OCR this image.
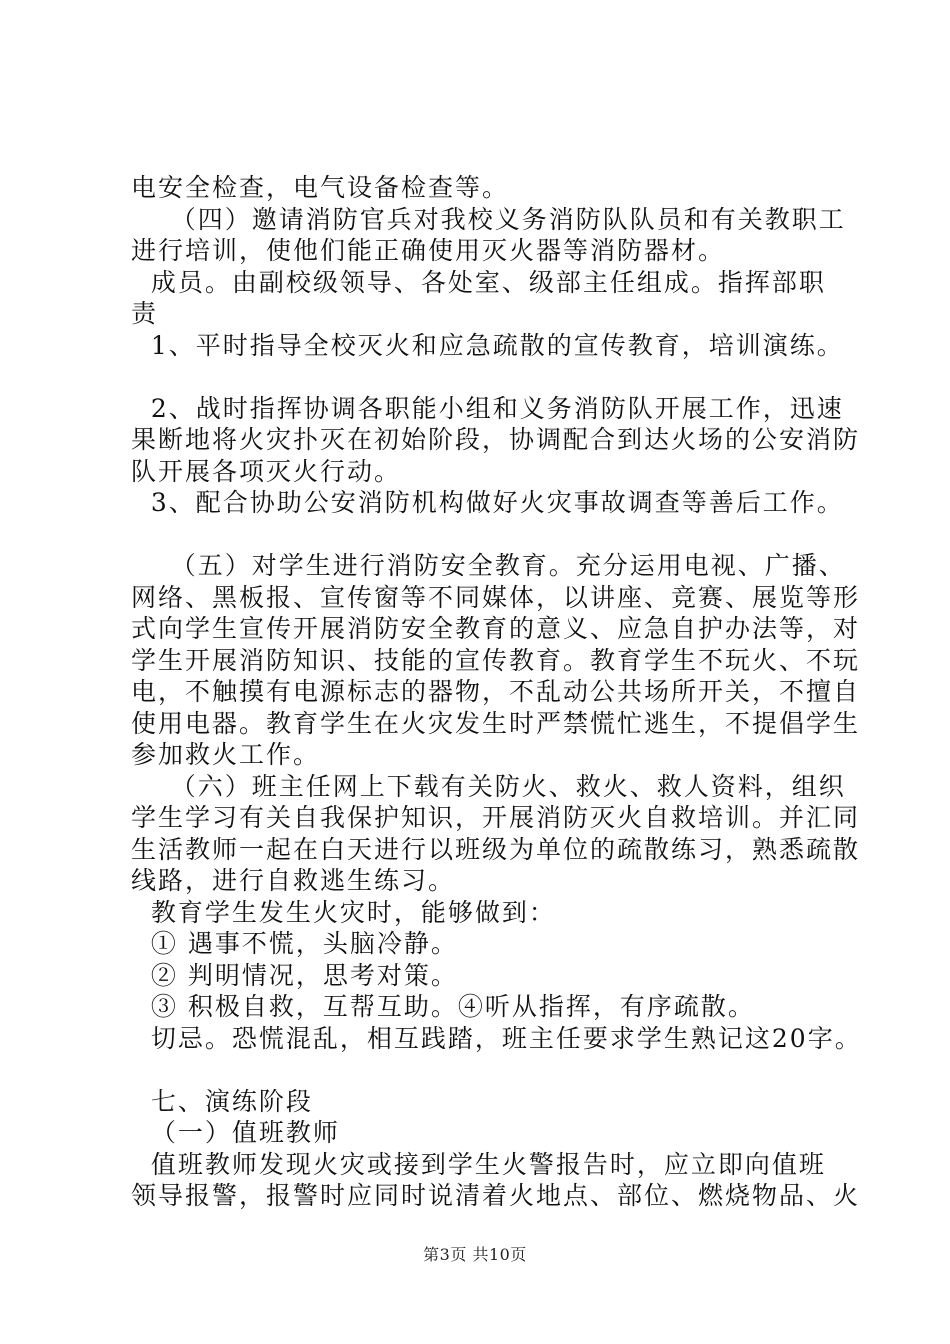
电安全检查，电气设备检查等。
（四）邀请消防官兵对我校义务消防队队员和有关教职工
进行培训，使他们能正确使用灭火器等消防器材。
成员。由副校级领导、各处室、级部主任组成。指挥部职
责
1、平时指导全校灭火和应急疏散的宣传教育，培训演练。
2、战时指挥协调各职能小组和义务消防队开展工作，迅速
果断地将火灾扑灭在初始阶段，协调配合到达火场的公安消防
队开展各项灭火行动。
3、配合协助公安消防机构做好火灾事故调查等善后工作。
（五）对学生进行消防安全教育。充分运用电视、广播、
网络、黑板报、宣传窗等不同媒体，以讲座、竞赛、展览等形
式向学生宣传开展消防安全教育的意义、应急自护办法等，对
学生开展消防知识、技能的宣传教育。教育学生不玩火、不玩
电，不触摸有电源标志的器物，不乱动公共场所开关，不擅自
使用电器。教育学生在火灾发生时严禁慌忙逃生，不提倡学生
参加救火工作。
（六）班主任网上下载有关防火、救火、救人资料，组织
学生学习有关自我保护知识，开展消防灭火自救培训。并汇同
生活教师一起在白天进行以班级为单位的疏散练习，熟悉疏散
线路，进行自救逃生练习。
教育学生发生火灾时，能够做到：
① 遇事不慌，头脑冷静。
② 判明情况，思考对策。
③ 积极自救，互帮互助。④听从指挥，有序疏散。
切忌。恐慌混乱，相互践踏，班主任要求学生熟记这20字。
七、演练阶段
（一）值班教师
值班教师发现火灾或接到学生火警报告时，应立即向值班
领导报警，报警时应同时说清着火地点、部位、燃烧物品、火
第3页 共10页
